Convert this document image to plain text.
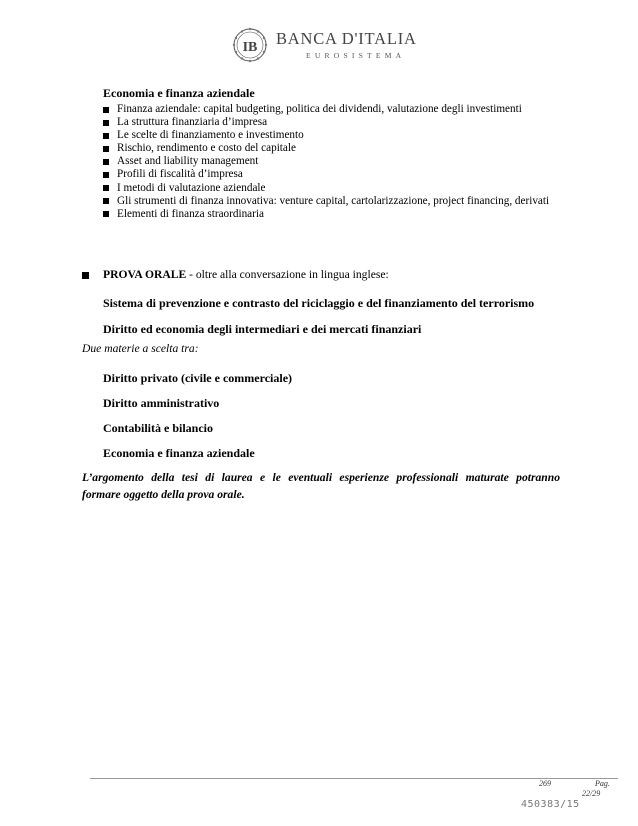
IB BANCA D'ITALIA
EUROSISTEMA
Economia e finanza aziendale
Finanza aziendale: capital budgeting, politica dei dividendi, valutazione degli investimenti
La struttura finanziaria d’impresa
Le scelte di finanziamento e investimento
Rischio, rendimento e costo del capitale
Asset and liability management
Profili di fiscalità d’impresa
I metodi di valutazione aziendale
Gli strumenti di finanza innovativa: venture capital, cartolarizzazione, project financing, derivati
Elementi di finanza straordinaria
PROVA ORALE - oltre alla conversazione in lingua inglese:
Sistema di prevenzione e contrasto del riciclaggio e del finanziamento del terrorismo
Diritto ed economia degli intermediari e dei mercati finanziari
Due materie a scelta tra:
Diritto privato (civile e commerciale)
Diritto amministrativo
Contabilità e bilancio
Economia e finanza aziendale
L’argomento della tesi di laurea e le eventuali esperienze professionali maturate potranno
formare oggetto della prova orale.
269	Pag.
22/29
450383/15
